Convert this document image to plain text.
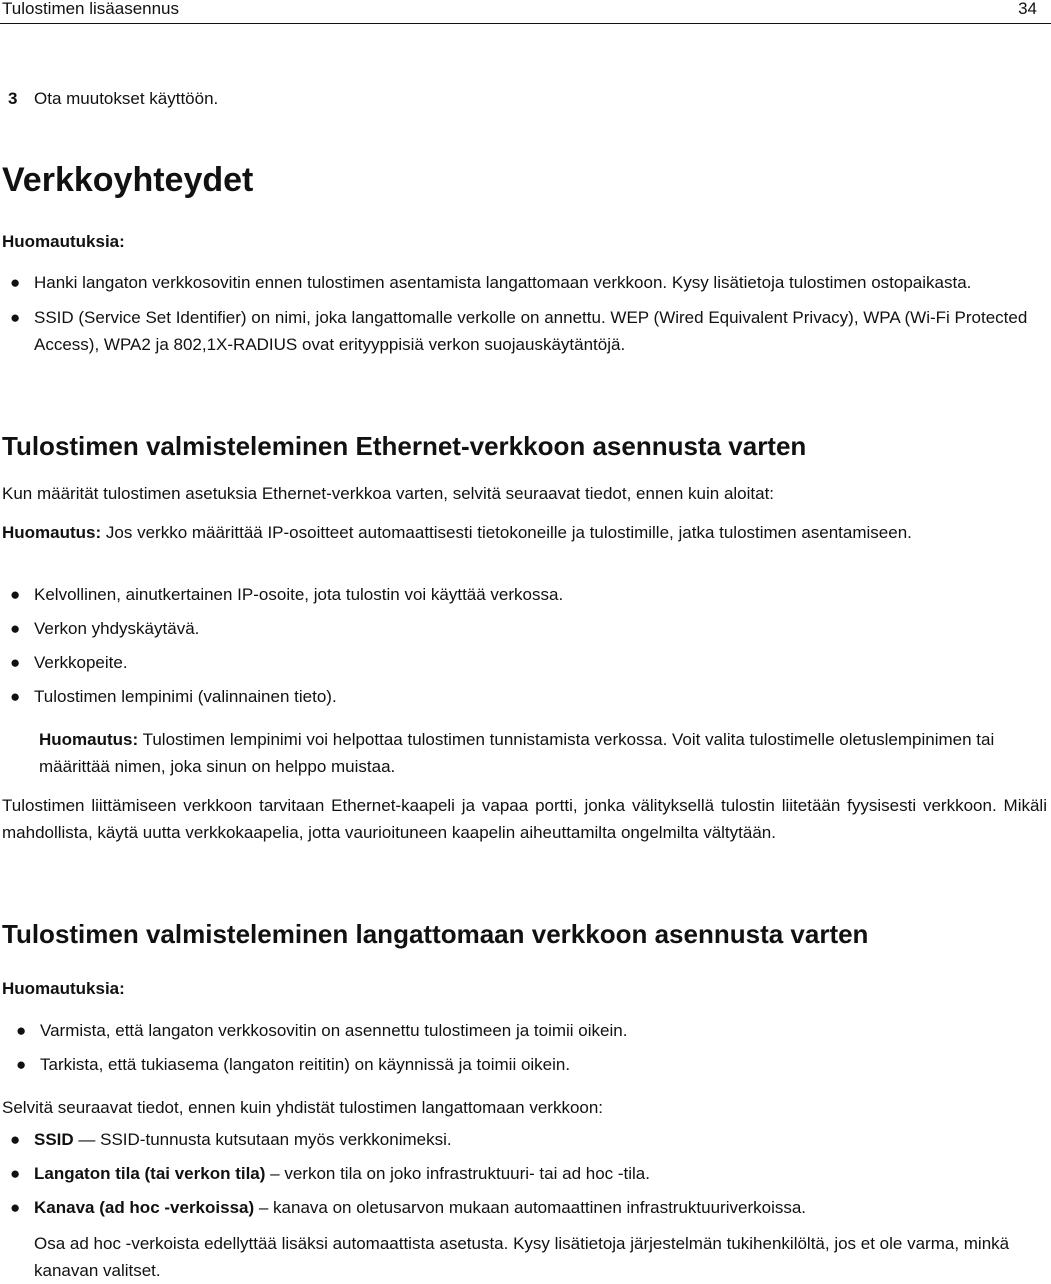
Tulostimen lisäasennus	34
3 Ota muutokset käyttöön.
Verkkoyhteydet
Huomautuksia:
● Hanki langaton verkkosovitin ennen tulostimen asentamista langattomaan verkkoon. Kysy lisätietoja tulostimen ostopaikasta.
● SSID (Service Set Identifier) on nimi, joka langattomalle verkolle on annettu. WEP (Wired Equivalent Privacy), WPA (Wi-Fi Protected Access), WPA2 ja 802,1X-RADIUS ovat erityyppisiä verkon suojauskäytäntöjä.
Tulostimen valmisteleminen Ethernet-verkkoon asennusta varten
Kun määrität tulostimen asetuksia Ethernet-verkkoa varten, selvitä seuraavat tiedot, ennen kuin aloitat:
Huomautus: Jos verkko määrittää IP-osoitteet automaattisesti tietokoneille ja tulostimille, jatka tulostimen asentamiseen.
● Kelvollinen, ainutkertainen IP-osoite, jota tulostin voi käyttää verkossa.
● Verkon yhdyskäytävä.
● Verkkopeite.
● Tulostimen lempinimi (valinnainen tieto).
Huomautus: Tulostimen lempinimi voi helpottaa tulostimen tunnistamista verkossa. Voit valita tulostimelle oletuslempinimen tai määrittää nimen, joka sinun on helppo muistaa.
Tulostimen liittämiseen verkkoon tarvitaan Ethernet-kaapeli ja vapaa portti, jonka välityksellä tulostin liitetään fyysisesti verkkoon. Mikäli mahdollista, käytä uutta verkkokaapelia, jotta vaurioituneen kaapelin aiheuttamilta ongelmilta vältytään.
Tulostimen valmisteleminen langattomaan verkkoon asennusta varten
Huomautuksia:
● Varmista, että langaton verkkosovitin on asennettu tulostimeen ja toimii oikein.
● Tarkista, että tukiasema (langaton reititin) on käynnissä ja toimii oikein.
Selvitä seuraavat tiedot, ennen kuin yhdistät tulostimen langattomaan verkkoon:
● SSID — SSID-tunnusta kutsutaan myös verkkonimeksi.
● Langaton tila (tai verkon tila) – verkon tila on joko infrastruktuuri- tai ad hoc -tila.
● Kanava (ad hoc -verkoissa) – kanava on oletusarvon mukaan automaattinen infrastruktuuriverkoissa.
Osa ad hoc -verkoista edellyttää lisäksi automaattista asetusta. Kysy lisätietoja järjestelmän tukihenkilöltä, jos et ole varma, minkä kanavan valitset.
